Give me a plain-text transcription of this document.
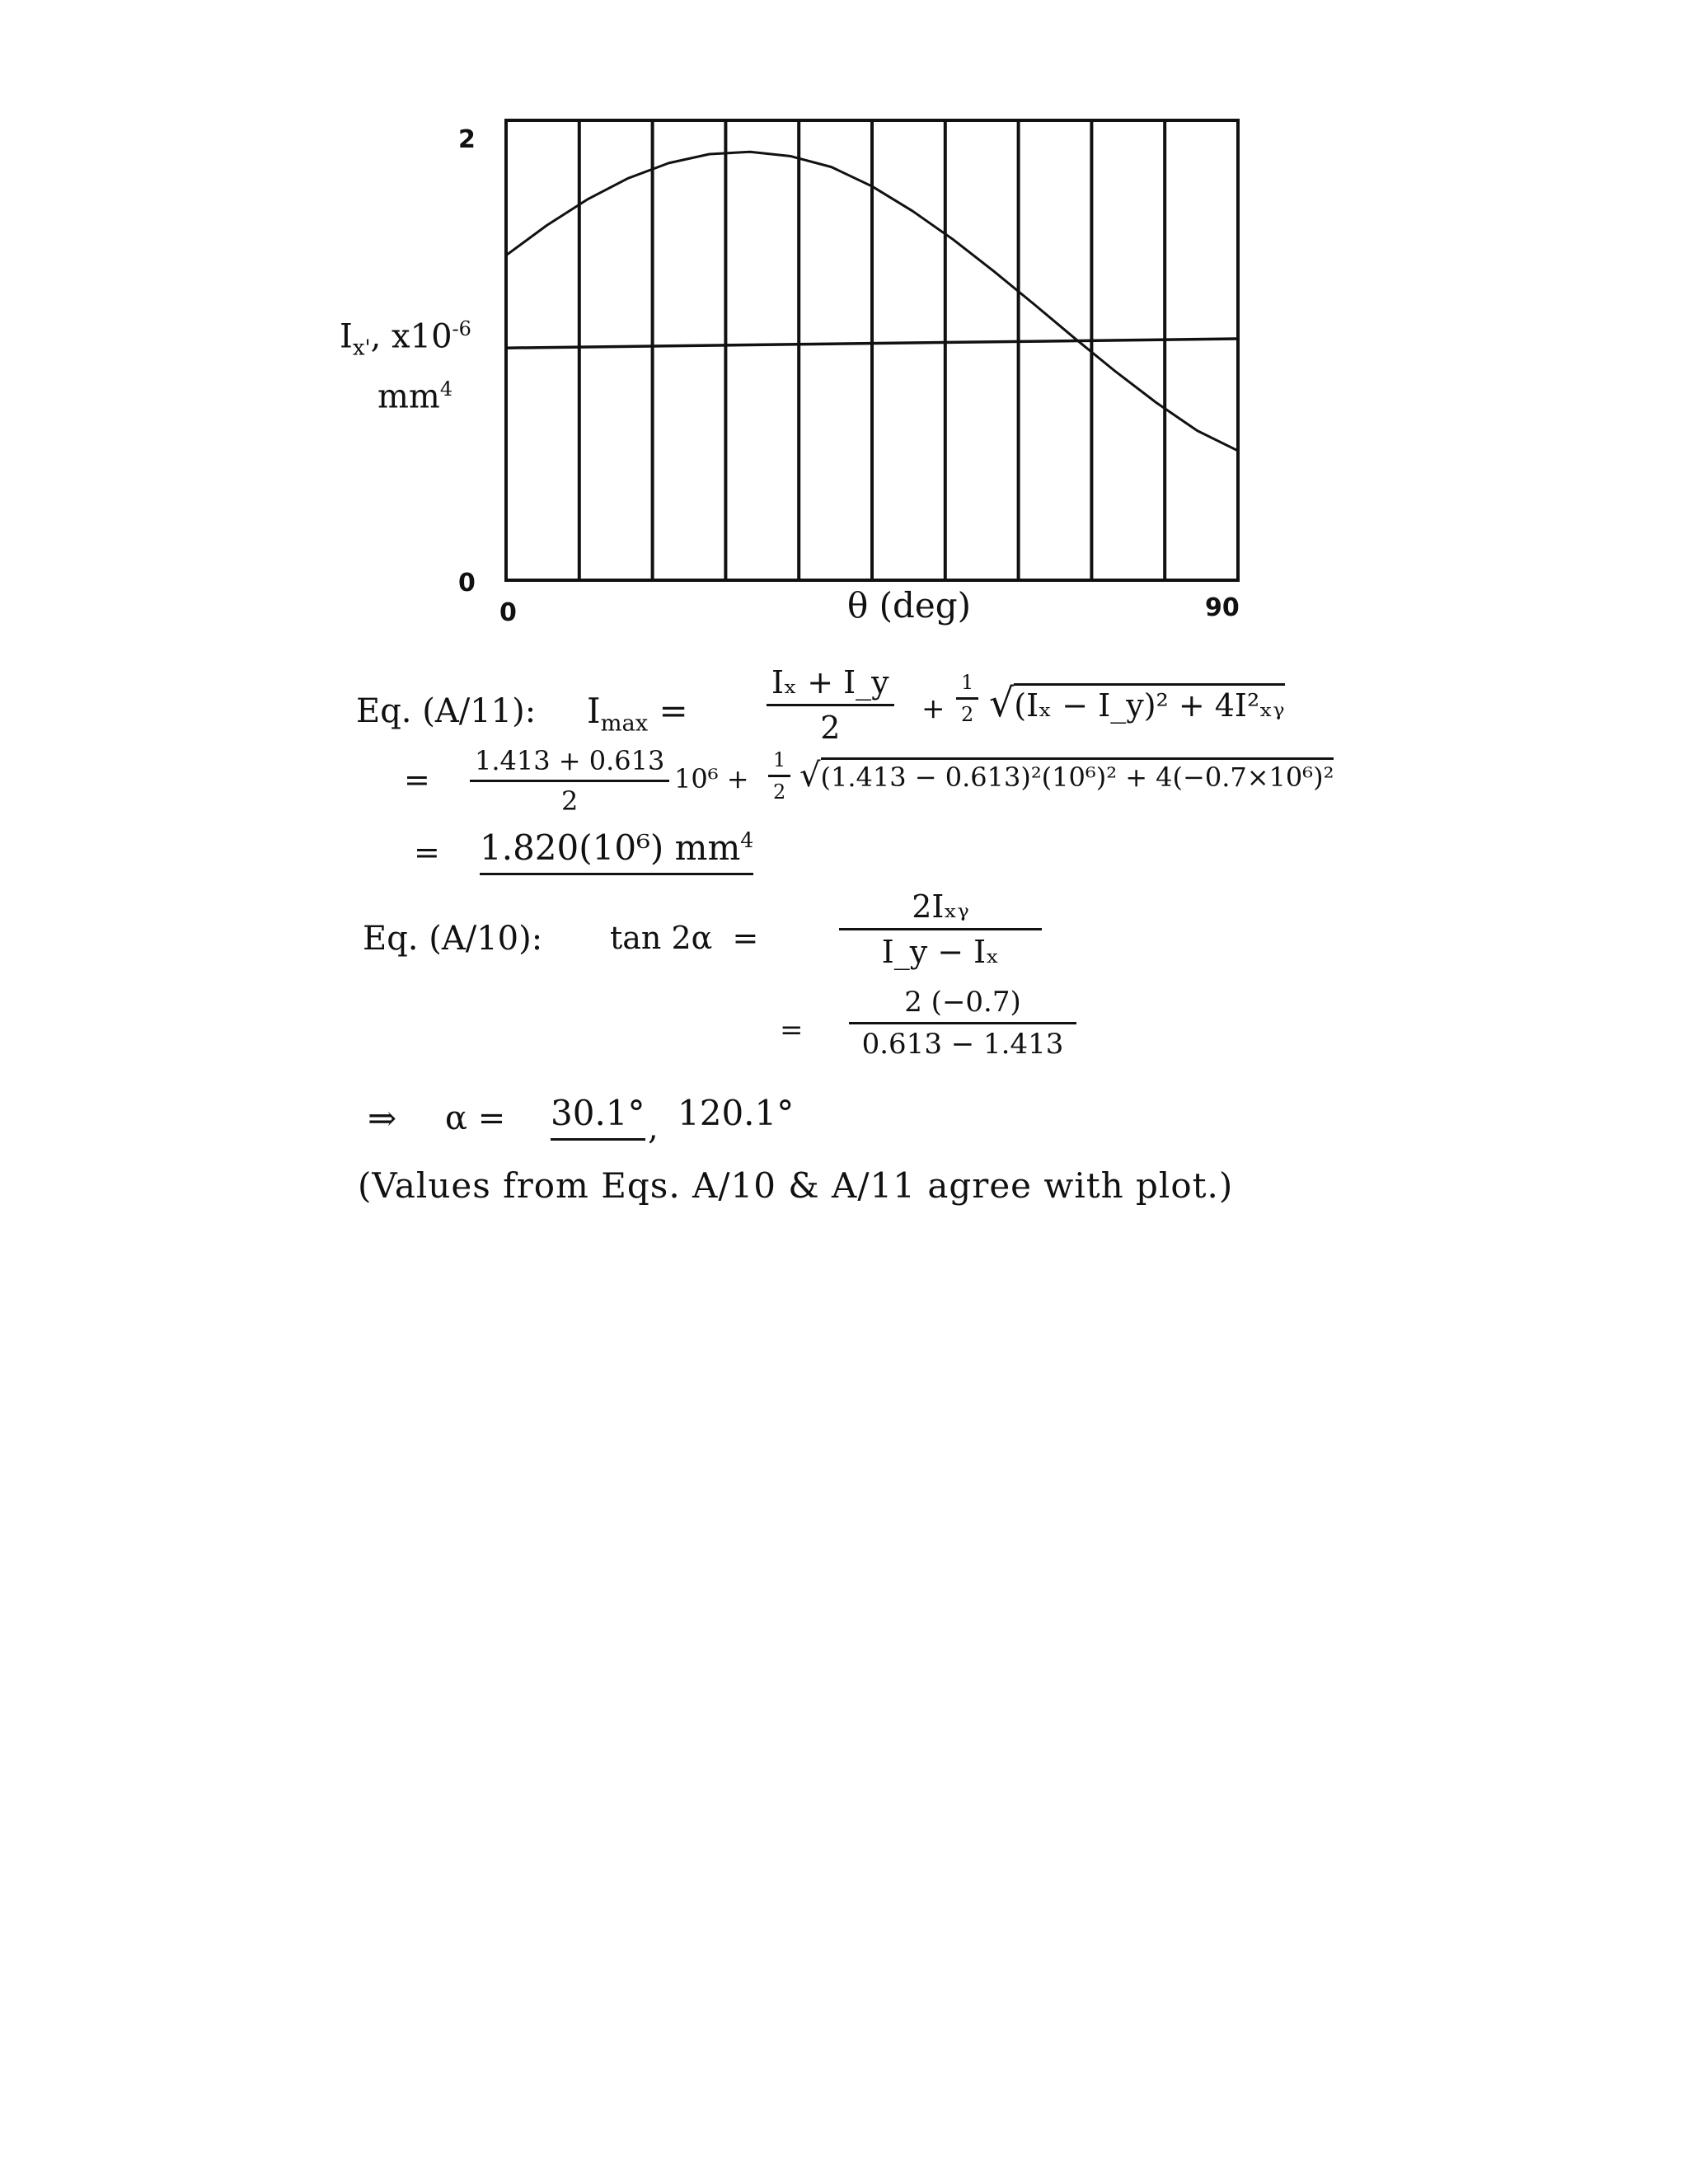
$I_{x'}$, $x10^{-6}$
$mm^4$
2
0
0	90
θ (deg)
Eq. (A/11): $I_{max}$ =	$\frac{\text{Iₓ + I\_y}}{2} + \frac{1}{2} √(I_x$ − I_y)² + 4I²ₓᵧ
= $\frac{1.413 + 0.613}{2} 10^6 + \frac{1}{2} √(1.413 - 0.613)^2(10^6)^2 + 4(-0.7\times 10^6)^2$
= 1.820(10⁶) $mm^4$
Eq. (A/10): tan 2α =
2Iₓᵧ
I_y − Iₓ
= $\frac{2 (-0.7)}{0.613 - 1.413}$
⇒ α = 30.1° , 120.1°
(Values from Eqs. A/10 & A/11 agree with plot.)
